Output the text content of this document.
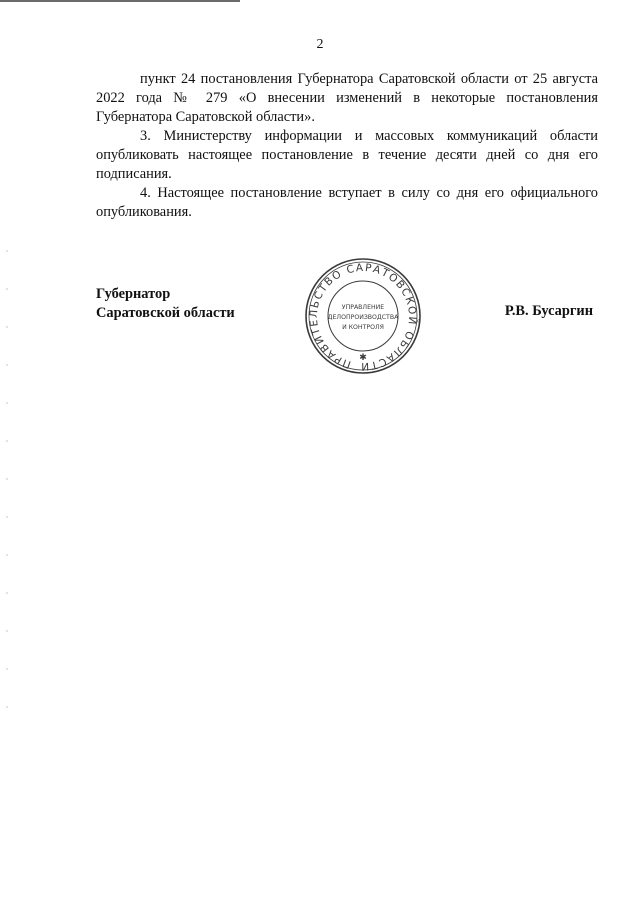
2

пункт 24 постановления Губернатора Саратовской области от 25 августа 2022 года № 279 «О внесении изменений в некоторые постановления Губернатора Саратовской области».

3. Министерству информации и массовых коммуникаций области опубликовать настоящее постановление в течение десяти дней со дня его подписания.

4. Настоящее постановление вступает в силу со дня его официального опубликования.

Губернатор
Саратовской области
ПРАВИТЕЛЬСТВО САРАТОВСКОЙ ОБЛАСТИ
✱
УПРАВЛЕНИЕ
ДЕЛОПРОИЗВОДСТВА
И КОНТРОЛЯ
Р.В. Бусаргин
